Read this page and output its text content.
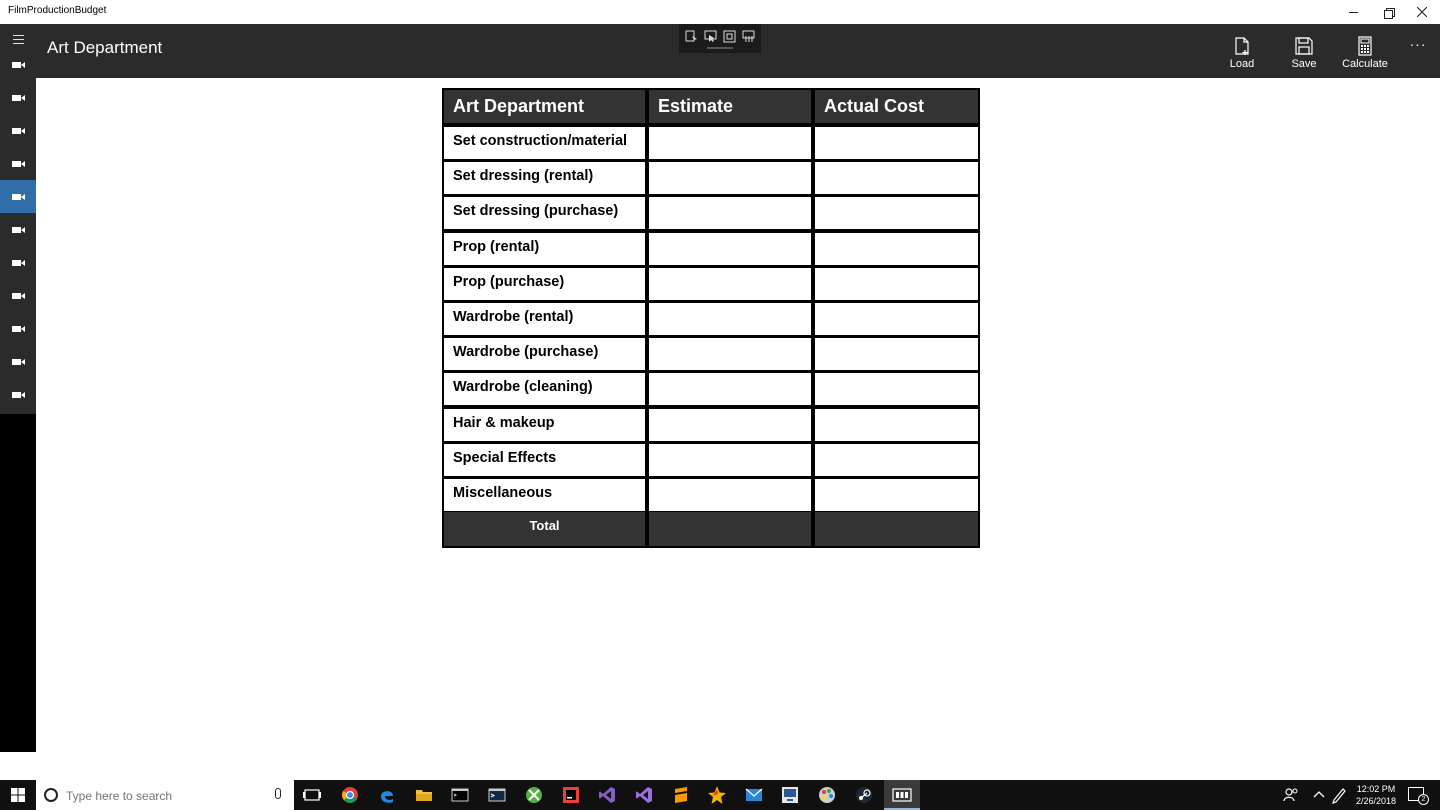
FilmProductionBudget
Art Department
Load	Save Calculate
···
Art Department	Estimate	Actual Cost
Set construction/material
Set dressing (rental)
Set dressing (purchase)
Prop (rental)
Prop (purchase)
Wardrobe (rental)
Wardrobe (purchase)
Wardrobe (cleaning)
Hair & makeup
Special Effects
Miscellaneous
Total
Type here to search
12:02 PM
2/26/2018	2
